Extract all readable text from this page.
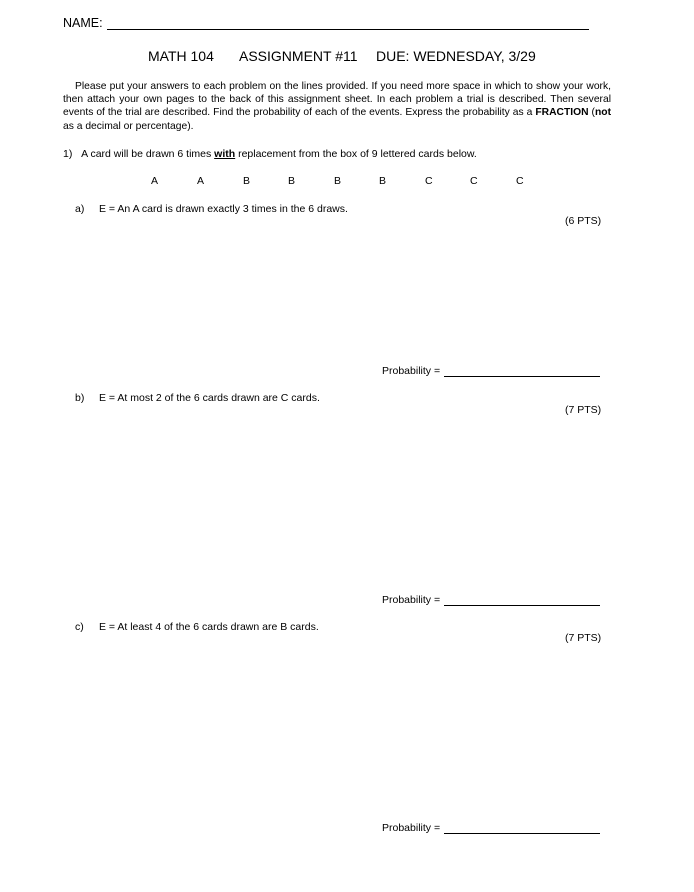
NAME:
MATH 104 ASSIGNMENT #11 DUE: WEDNESDAY, 3/29
Please put your answers to each problem on the lines provided. If you need more space in which to show your work, then attach your own pages to the back of this assignment sheet. In each problem a trial is described. Then several events of the trial are described. Find the probability of each of the events. Express the probability as a FRACTION (not as a decimal or percentage).
1) A card will be drawn 6 times with replacement from the box of 9 lettered cards below.
A	A	B	B	B	B	C	C	C
a) E = An A card is drawn exactly 3 times in the 6 draws.
(6 PTS)
Probability =
b) E = At most 2 of the 6 cards drawn are C cards.
(7 PTS)
Probability =
c) E = At least 4 of the 6 cards drawn are B cards.
(7 PTS)
Probability =
